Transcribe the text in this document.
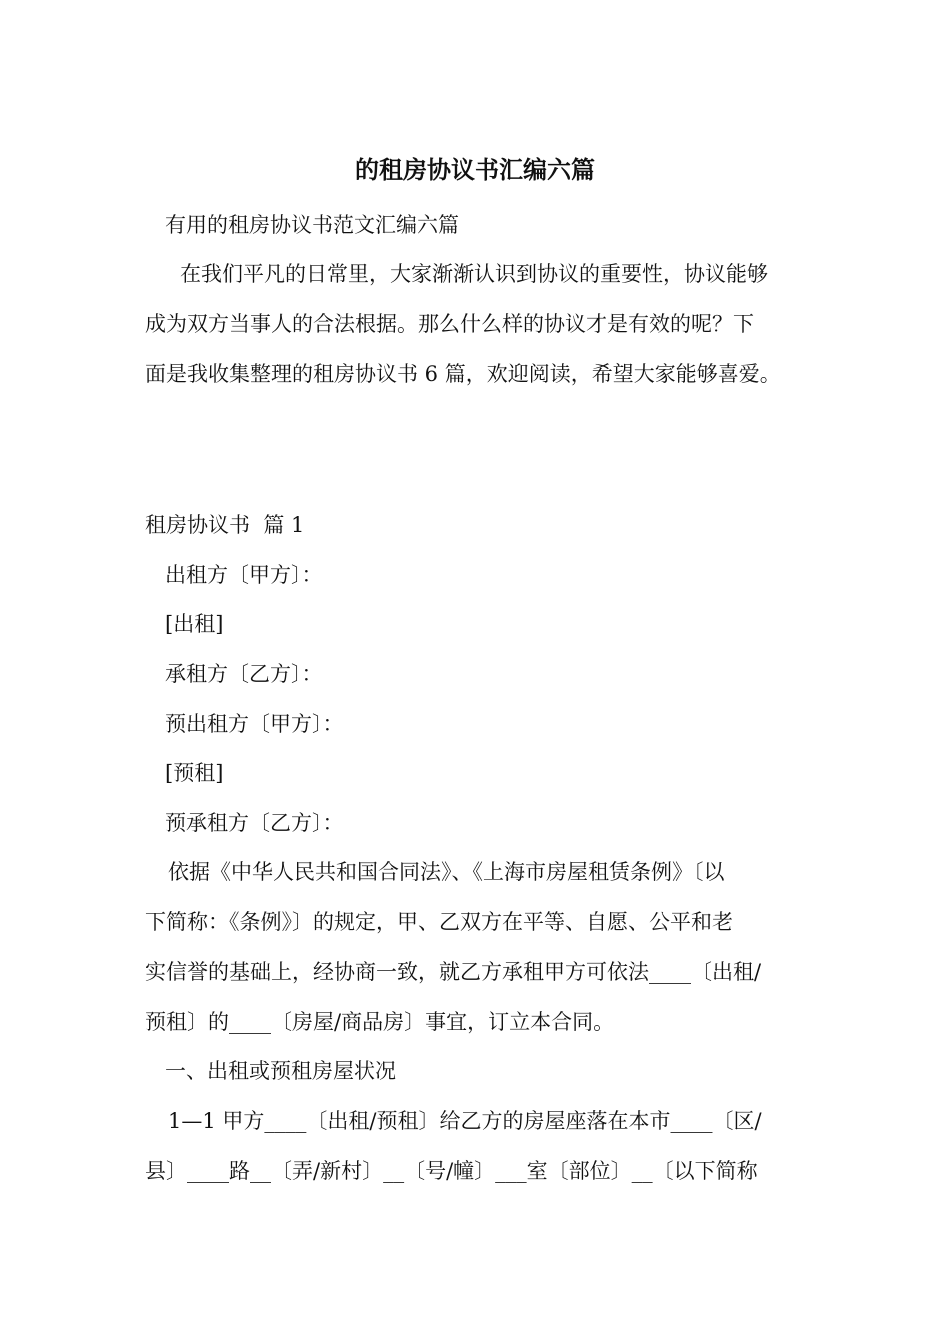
的租房协议书汇编六篇
有用的租房协议书范文汇编六篇
在我们平凡的日常里，大家渐渐认识到协议的重要性，协议能够
成为双方当事人的合法根据。那么什么样的协议才是有效的呢？下
面是我收集整理的租房协议书 6 篇，欢迎阅读，希望大家能够喜爱。
租房协议书  篇 1
出租方〔甲方〕：
[出租]
承租方〔乙方〕：
预出租方〔甲方〕：
[预租]
预承租方〔乙方〕：
依据《中华人民共和国合同法》、《上海市房屋租赁条例》〔以
下简称：《条例》〕的规定，甲、乙双方在平等、自愿、公平和老
实信誉的基础上，经协商一致，就乙方承租甲方可依法____〔出租/
预租〕的____〔房屋/商品房〕事宜，订立本合同。
一、出租或预租房屋状况
1—1 甲方____〔出租/预租〕给乙方的房屋座落在本市____〔区/
县〕____路__〔弄/新村〕__〔号/幢〕___室〔部位〕__〔以下简称
